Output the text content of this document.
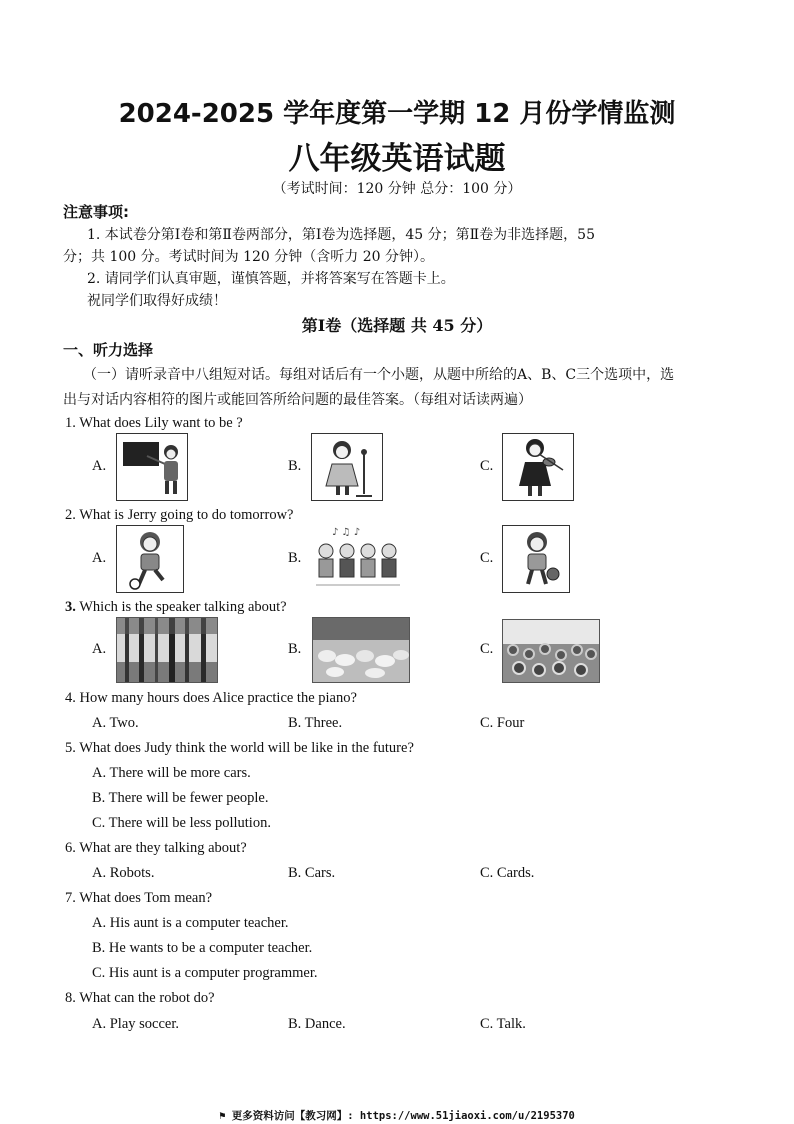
2024-2025 学年度第一学期 12 月份学情监测
八年级英语试题
（考试时间：120 分钟 总分：100 分）
注意事项:
1. 本试卷分第Ⅰ卷和第Ⅱ卷两部分，第Ⅰ卷为选择题，45 分；第Ⅱ卷为非选择题，55
分；共 100 分。考试时间为 120 分钟（含听力 20 分钟）。
2. 请同学们认真审题，谨慎答题，并将答案写在答题卡上。
祝同学们取得好成绩！
第Ⅰ卷（选择题 共 45 分）
一、听力选择
（一）请听录音中八组短对话。每组对话后有一个小题，从题中所给的A、B、C三个选项中，选
出与对话内容相符的图片或能回答所给问题的最佳答案。（每组对话读两遍）
1. What does Lily want to be ?
A.	B.	C.
2. What is Jerry going to do tomorrow?
A.	B.
♪ ♫ ♪
C.
3. Which is the speaker talking about?
A.	B.	C.
4. How many hours does Alice practice the piano?
A. Two.	B. Three.	C. Four
5. What does Judy think the world will be like in the future?
A. There will be more cars.
B. There will be fewer people.
C. There will be less pollution.
6. What are they talking about?
A. Robots.	B. Cars.	C. Cards.
7. What does Tom mean?
A. His aunt is a computer teacher.
B. He wants to be a computer teacher.
C. His aunt is a computer programmer.
8. What can the robot do?
A. Play soccer.	B. Dance.	C. Talk.
⚑ 更多资料访问【教习网】: https://www.51jiaoxi.com/u/2195370
